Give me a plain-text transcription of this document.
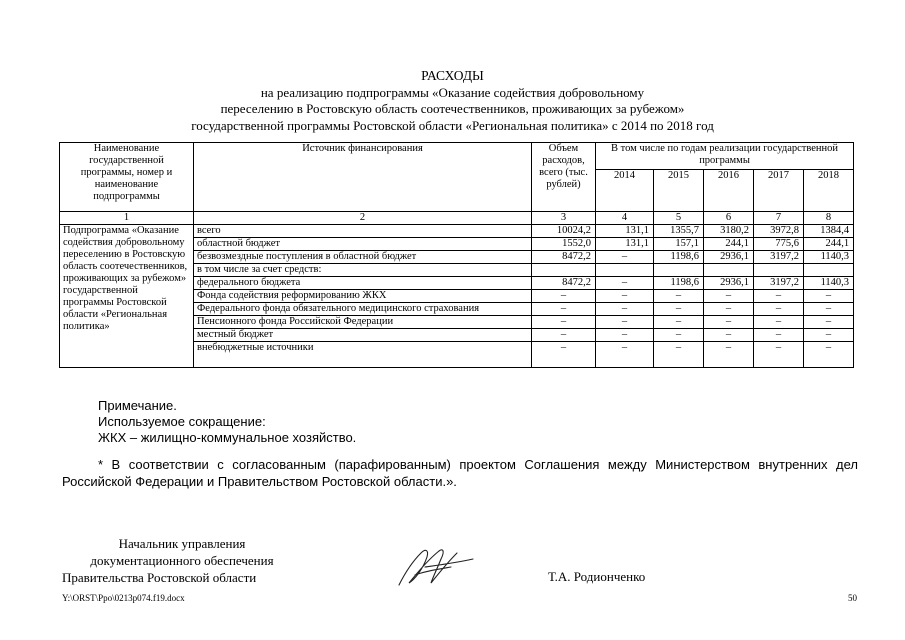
РАСХОДЫ
на реализацию подпрограммы «Оказание содействия добровольному
переселению в Ростовскую область соотечественников, проживающих за рубежом»
государственной программы Ростовской области «Региональная политика» с 2014 по 2018 год
Наименование государственной программы, номер и наименование подпрограммы	Источник финансирования	Объем расходов, всего (тыс. рублей)	В том числе по годам реализации государственной программы				
			2014	2015	2016	2017	2018
1	2	3	4	5	6	7	8
Подпрограмма «Оказание содействия добровольному переселению в Ростовскую область соотечественников, проживающих за рубежом» государственной программы Ростовской области «Региональная политика»	всего	10024,2	131,1	1355,7	3180,2	3972,8	1384,4
	областной бюджет	1552,0	131,1	157,1	244,1	775,6	244,1
	безвозмездные поступления в областной бюджет	8472,2	–	1198,6	2936,1	3197,2	1140,3
	в том числе за счет средств:						
	федерального бюджета	8472,2	–	1198,6	2936,1	3197,2	1140,3
	Фонда содействия реформированию ЖКХ	–	–	–	–	–	–
	Федерального фонда обязательного медицинского страхования	–	–	–	–	–	–
	Пенсионного фонда Российской Федерации	–	–	–	–	–	–
	местный бюджет	–	–	–	–	–	–
	внебюджетные источники	–	–	–	–	–	–
Примечание.
Используемое сокращение:
ЖКХ – жилищно-коммунальное хозяйство.
* В соответствии с согласованным (парафированным) проектом Соглашения между Министерством внутренних дел Российской Федерации и Правительством Ростовской области.».
Начальник управления
документационного обеспечения
Правительства Ростовской области	Т.А. Родионченко
Y:\ORST\Ppo\0213p074.f19.docx	50
